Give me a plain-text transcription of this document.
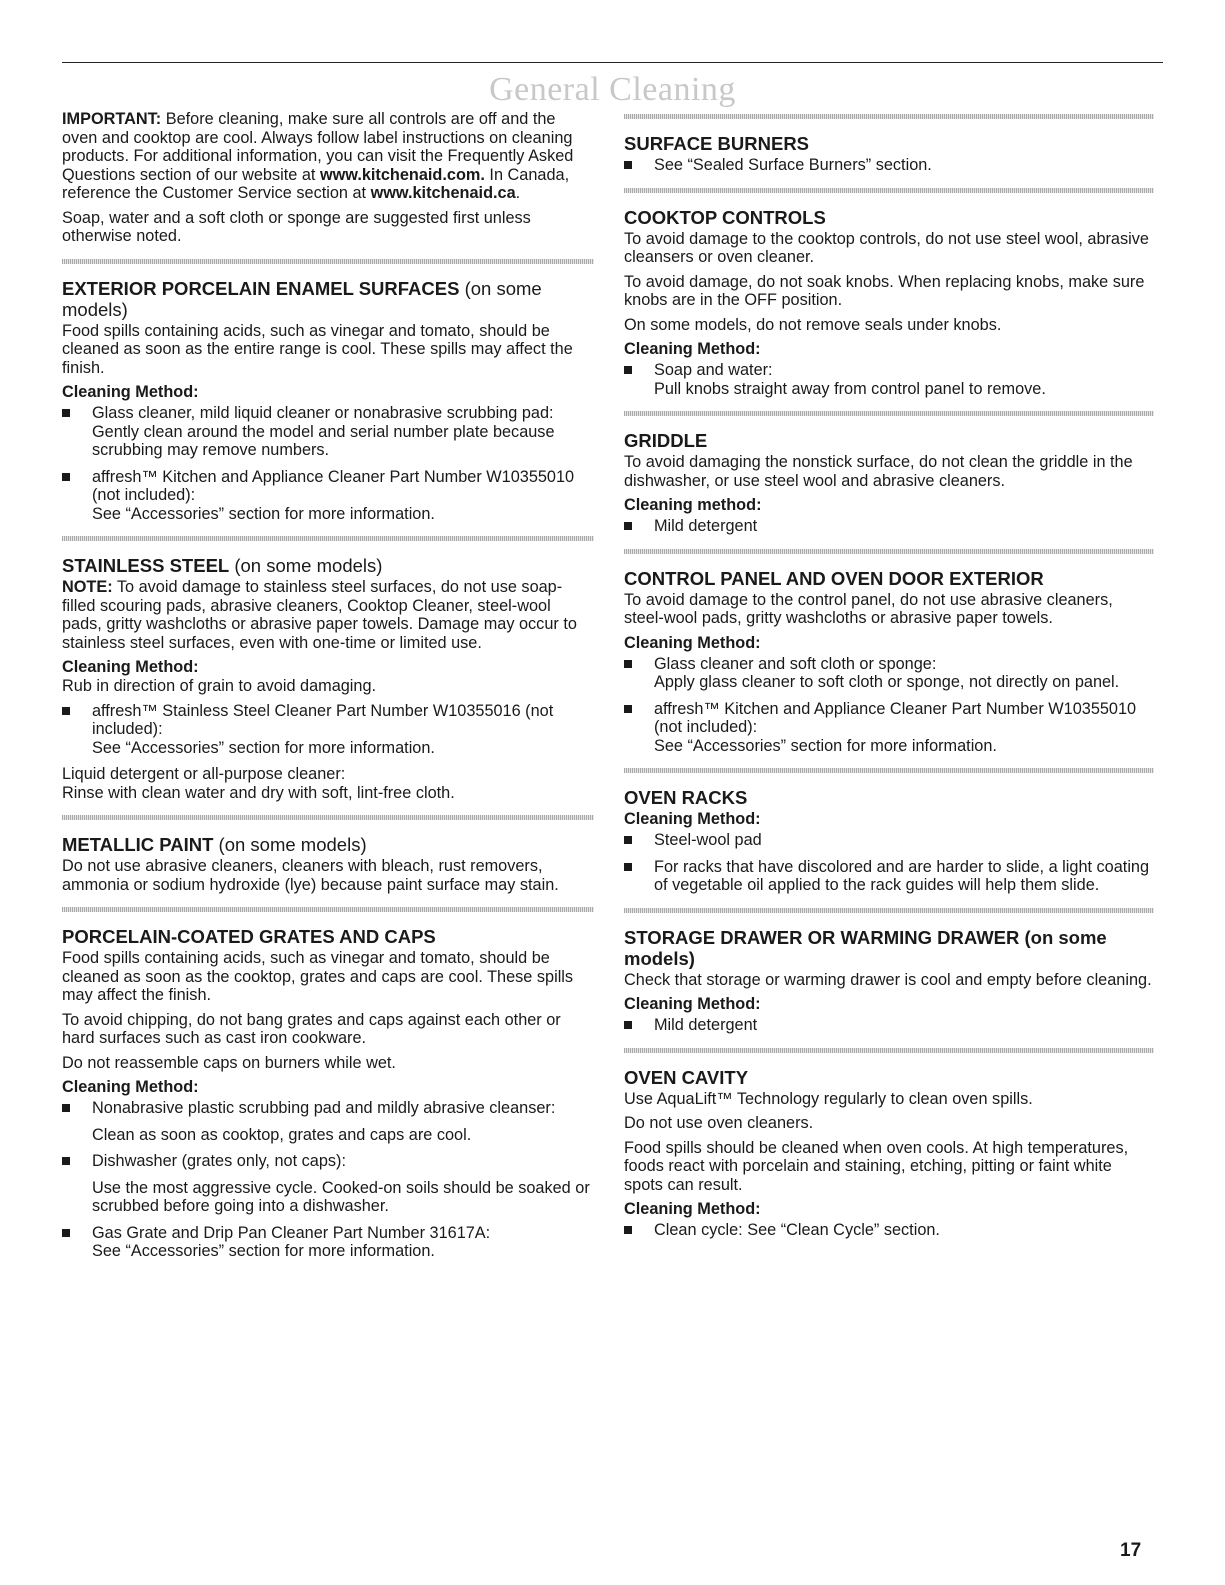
General Cleaning

IMPORTANT: Before cleaning, make sure all controls are off and the oven and cooktop are cool. Always follow label instructions on cleaning products. For additional information, you can visit the Frequently Asked Questions section of our website at www.kitchenaid.com. In Canada, reference the Customer Service section at www.kitchenaid.ca.

Soap, water and a soft cloth or sponge are suggested first unless otherwise noted.

EXTERIOR PORCELAIN ENAMEL SURFACES (on some models)

Food spills containing acids, such as vinegar and tomato, should be cleaned as soon as the entire range is cool. These spills may affect the finish.

Cleaning Method:
Glass cleaner, mild liquid cleaner or nonabrasive scrubbing pad:
Gently clean around the model and serial number plate because scrubbing may remove numbers.
affresh™ Kitchen and Appliance Cleaner Part Number W10355010 (not included):
See “Accessories” section for more information.
STAINLESS STEEL (on some models)

NOTE: To avoid damage to stainless steel surfaces, do not use soap-filled scouring pads, abrasive cleaners, Cooktop Cleaner, steel-wool pads, gritty washcloths or abrasive paper towels. Damage may occur to stainless steel surfaces, even with one-time or limited use.

Cleaning Method:

Rub in direction of grain to avoid damaging.

affresh™ Stainless Steel Cleaner Part Number W10355016 (not included):
See “Accessories” section for more information.

Liquid detergent or all-purpose cleaner:
Rinse with clean water and dry with soft, lint-free cloth.

METALLIC PAINT (on some models)

Do not use abrasive cleaners, cleaners with bleach, rust removers, ammonia or sodium hydroxide (lye) because paint surface may stain.

PORCELAIN-COATED GRATES AND CAPS

Food spills containing acids, such as vinegar and tomato, should be cleaned as soon as the cooktop, grates and caps are cool. These spills may affect the finish.

To avoid chipping, do not bang grates and caps against each other or hard surfaces such as cast iron cookware.

Do not reassemble caps on burners while wet.

Cleaning Method:
Nonabrasive plastic scrubbing pad and mildly abrasive cleanser:
Clean as soon as cooktop, grates and caps are cool.
Dishwasher (grates only, not caps):
Use the most aggressive cycle. Cooked-on soils should be soaked or scrubbed before going into a dishwasher.
Gas Grate and Drip Pan Cleaner Part Number 31617A:
See “Accessories” section for more information.
SURFACE BURNERS
See “Sealed Surface Burners” section.
COOKTOP CONTROLS

To avoid damage to the cooktop controls, do not use steel wool, abrasive cleansers or oven cleaner.

To avoid damage, do not soak knobs. When replacing knobs, make sure knobs are in the OFF position.

On some models, do not remove seals under knobs.

Cleaning Method:
Soap and water:
Pull knobs straight away from control panel to remove.
GRIDDLE

To avoid damaging the nonstick surface, do not clean the griddle in the dishwasher, or use steel wool and abrasive cleaners.

Cleaning method:
Mild detergent
CONTROL PANEL AND OVEN DOOR EXTERIOR

To avoid damage to the control panel, do not use abrasive cleaners, steel-wool pads, gritty washcloths or abrasive paper towels.

Cleaning Method:
Glass cleaner and soft cloth or sponge:
Apply glass cleaner to soft cloth or sponge, not directly on panel.
affresh™ Kitchen and Appliance Cleaner Part Number W10355010 (not included):
See “Accessories” section for more information.
OVEN RACKS
Cleaning Method:
Steel-wool pad
For racks that have discolored and are harder to slide, a light coating of vegetable oil applied to the rack guides will help them slide.
STORAGE DRAWER OR WARMING DRAWER (on some models)

Check that storage or warming drawer is cool and empty before cleaning.

Cleaning Method:
Mild detergent
OVEN CAVITY

Use AquaLift™ Technology regularly to clean oven spills.

Do not use oven cleaners.

Food spills should be cleaned when oven cools. At high temperatures, foods react with porcelain and staining, etching, pitting or faint white spots can result.

Cleaning Method:
Clean cycle: See “Clean Cycle” section.
17
